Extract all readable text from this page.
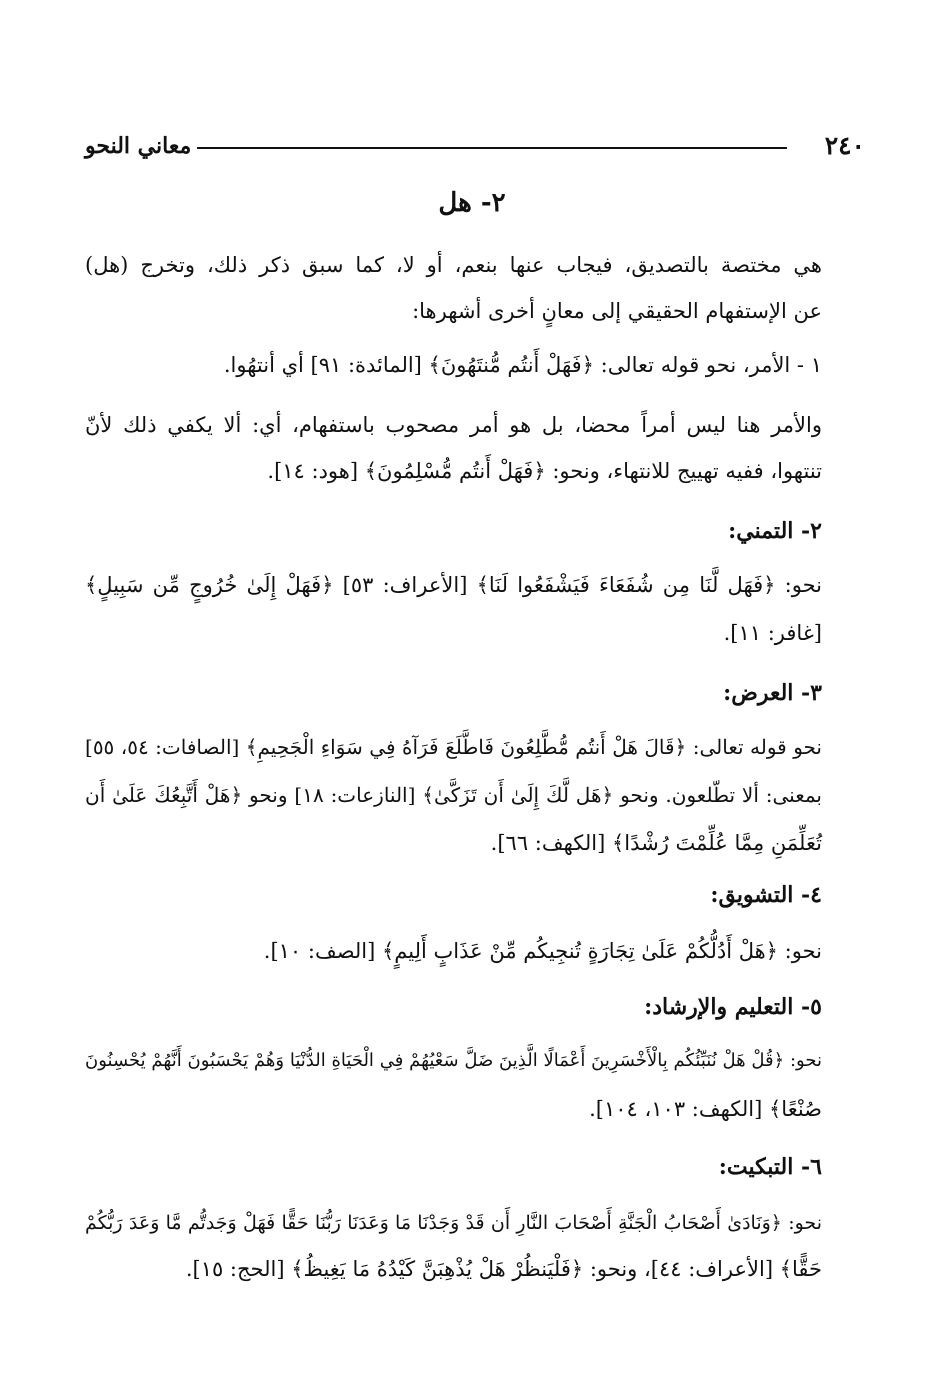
٢٤٠
معاني النحو
٢- هل
هي مختصة بالتصديق، فيجاب عنها بنعم، أو لا، كما سبق ذكر ذلك، وتخرج (هل)
عن الإستفهام الحقيقي إلى معانٍ أخرى أشهرها:
١ - الأمر، نحو قوله تعالى: ﴿فَهَلْ أَنتُم مُّنتَهُونَ﴾ [المائدة: ٩١] أي أنتهُوا.
والأمر هنا ليس أمراً محضا، بل هو أمر مصحوب باستفهام، أي: ألا يكفي ذلك لأنّ
تنتهوا، ففيه تهييج للانتهاء، ونحو: ﴿فَهَلْ أَنتُم مُّسْلِمُونَ﴾ [هود: ١٤].
٢- التمني:
نحو: ﴿فَهَل لَّنَا مِن شُفَعَاءَ فَيَشْفَعُوا لَنَا﴾ [الأعراف: ٥٣] ﴿فَهَلْ إِلَىٰ خُرُوجٍ مِّن سَبِيلٍ﴾
[غافر: ١١].
٣- العرض:
نحو قوله تعالى: ﴿قَالَ هَلْ أَنتُم مُّطَّلِعُونَ فَاطَّلَعَ فَرَآهُ فِي سَوَاءِ الْجَحِيمِ﴾ [الصافات: ٥٤، ٥٥]
بمعنى: ألا تطّلعون. ونحو ﴿هَل لَّكَ إِلَىٰ أَن تَزَكَّىٰ﴾ [النازعات: ١٨] ونحو ﴿هَلْ أَتَّبِعُكَ عَلَىٰ أَن
تُعَلِّمَنِ مِمَّا عُلِّمْتَ رُشْدًا﴾ [الكهف: ٦٦].
٤- التشويق:
نحو: ﴿هَلْ أَدُلُّكُمْ عَلَىٰ تِجَارَةٍ تُنجِيكُم مِّنْ عَذَابٍ أَلِيمٍ﴾ [الصف: ١٠].
٥- التعليم والإرشاد:
نحو: ﴿قُلْ هَلْ نُنَبِّئُكُم بِالْأَخْسَرِينَ أَعْمَالًا الَّذِينَ ضَلَّ سَعْيُهُمْ فِي الْحَيَاةِ الدُّنْيَا وَهُمْ يَحْسَبُونَ أَنَّهُمْ يُحْسِنُونَ
صُنْعًا﴾ [الكهف: ١٠٣، ١٠٤].
٦- التبكيت:
نحو: ﴿وَنَادَىٰ أَصْحَابُ الْجَنَّةِ أَصْحَابَ النَّارِ أَن قَدْ وَجَدْنَا مَا وَعَدَنَا رَبُّنَا حَقًّا فَهَلْ وَجَدتُّم مَّا وَعَدَ رَبُّكُمْ
حَقًّا﴾ [الأعراف: ٤٤]، ونحو: ﴿فَلْيَنظُرْ هَلْ يُذْهِبَنَّ كَيْدُهُ مَا يَغِيظُ﴾ [الحج: ١٥].
